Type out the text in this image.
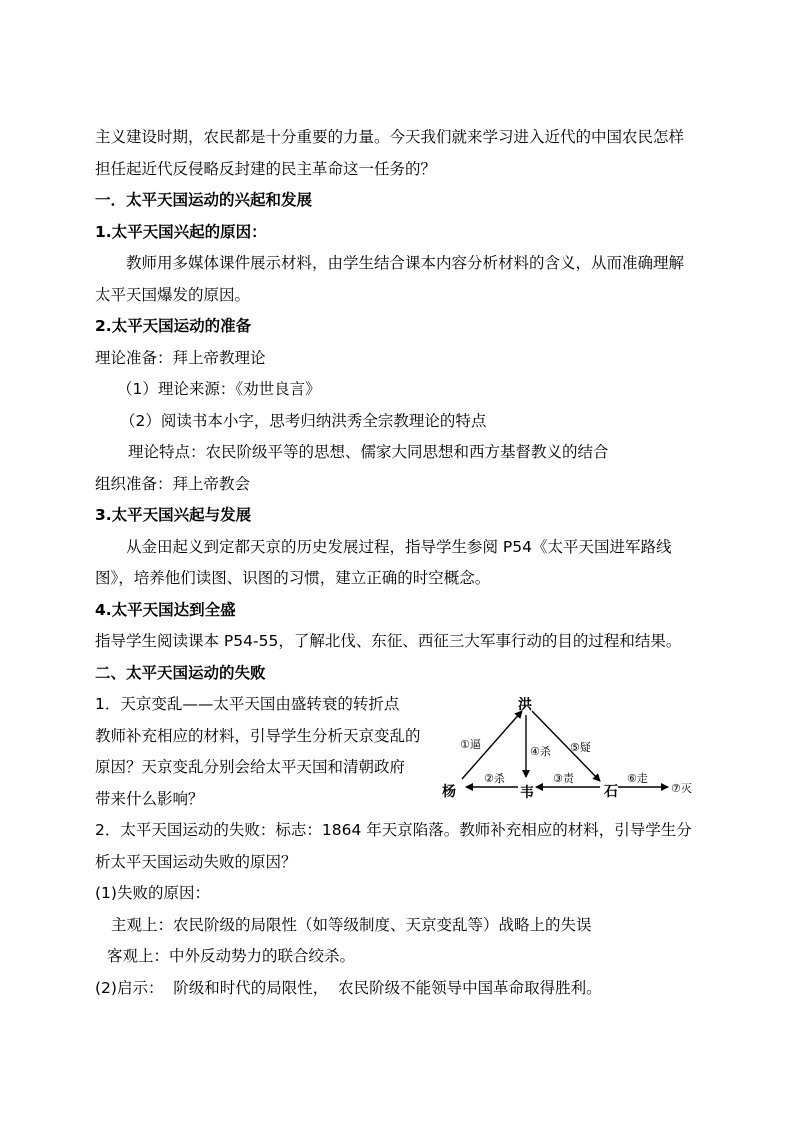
主义建设时期，农民都是十分重要的力量。今天我们就来学习进入近代的中国农民怎样

担任起近代反侵略反封建的民主革命这一任务的？

一．太平天国运动的兴起和发展

1.太平天国兴起的原因：

教师用多媒体课件展示材料，由学生结合课本内容分析材料的含义，从而准确理解

太平天国爆发的原因。

2.太平天国运动的准备

理论准备：拜上帝教理论

（1）理论来源：《劝世良言》

（2）阅读书本小字，思考归纳洪秀全宗教理论的特点

理论特点：农民阶级平等的思想、儒家大同思想和西方基督教义的结合

组织准备：拜上帝教会

3.太平天国兴起与发展

从金田起义到定都天京的历史发展过程，指导学生参阅 P54《太平天国进军路线

图》，培养他们读图、识图的习惯，建立正确的时空概念。

4.太平天国达到全盛

指导学生阅读课本 P54-55，了解北伐、东征、西征三大军事行动的目的过程和结果。

二、太平天国运动的失败

1．天京变乱——太平天国由盛转衰的转折点

教师补充相应的材料，引导学生分析天京变乱的

原因？天京变乱分别会给太平天国和清朝政府

带来什么影响？

洪
杨	韦	石
①逼
④杀 ⑤疑
②杀	③责	⑥走
⑦灭

2．太平天国运动的失败：标志：1864 年天京陷落。教师补充相应的材料，引导学生分

析太平天国运动失败的原因？

(1)失败的原因：

主观上：农民阶级的局限性（如等级制度、天京变乱等）战略上的失误

客观上：中外反动势力的联合绞杀。

(2)启示：  阶级和时代的局限性，  农民阶级不能领导中国革命取得胜利。
